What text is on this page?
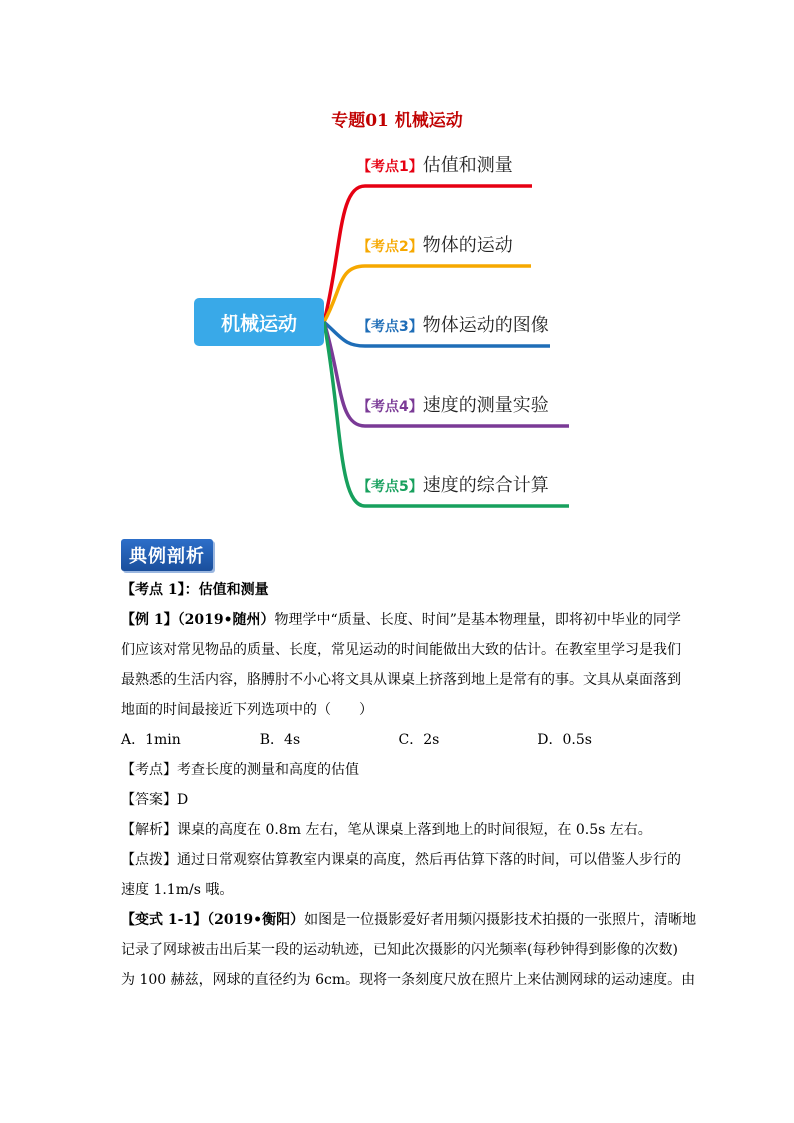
专题01 机械运动
机械运动
【考点1】估值和测量
【考点2】物体的运动
【考点3】物体运动的图像
【考点4】速度的测量实验
【考点5】速度的综合计算
典例剖析
【考点 1】：估值和测量
【例 1】（2019•随州）物理学中“质量、长度、时间”是基本物理量，即将初中毕业的同学
们应该对常见物品的质量、长度，常见运动的时间能做出大致的估计。在教室里学习是我们
最熟悉的生活内容，胳膊肘不小心将文具从课桌上挤落到地上是常有的事。文具从桌面落到
地面的时间最接近下列选项中的（　　）
A．1min	B．4s	C．2s	D．0.5s
【考点】考查长度的测量和高度的估值
【答案】D
【解析】课桌的高度在 0.8m 左右，笔从课桌上落到地上的时间很短，在 0.5s 左右。
【点拨】通过日常观察估算教室内课桌的高度，然后再估算下落的时间，可以借鉴人步行的
速度 1.1m/s 哦。
【变式 1-1】（2019•衡阳）如图是一位摄影爱好者用频闪摄影技术拍摄的一张照片，清晰地
记录了网球被击出后某一段的运动轨迹，已知此次摄影的闪光频率(每秒钟得到影像的次数)
为 100 赫兹，网球的直径约为 6cm。现将一条刻度尺放在照片上来估测网球的运动速度。由
